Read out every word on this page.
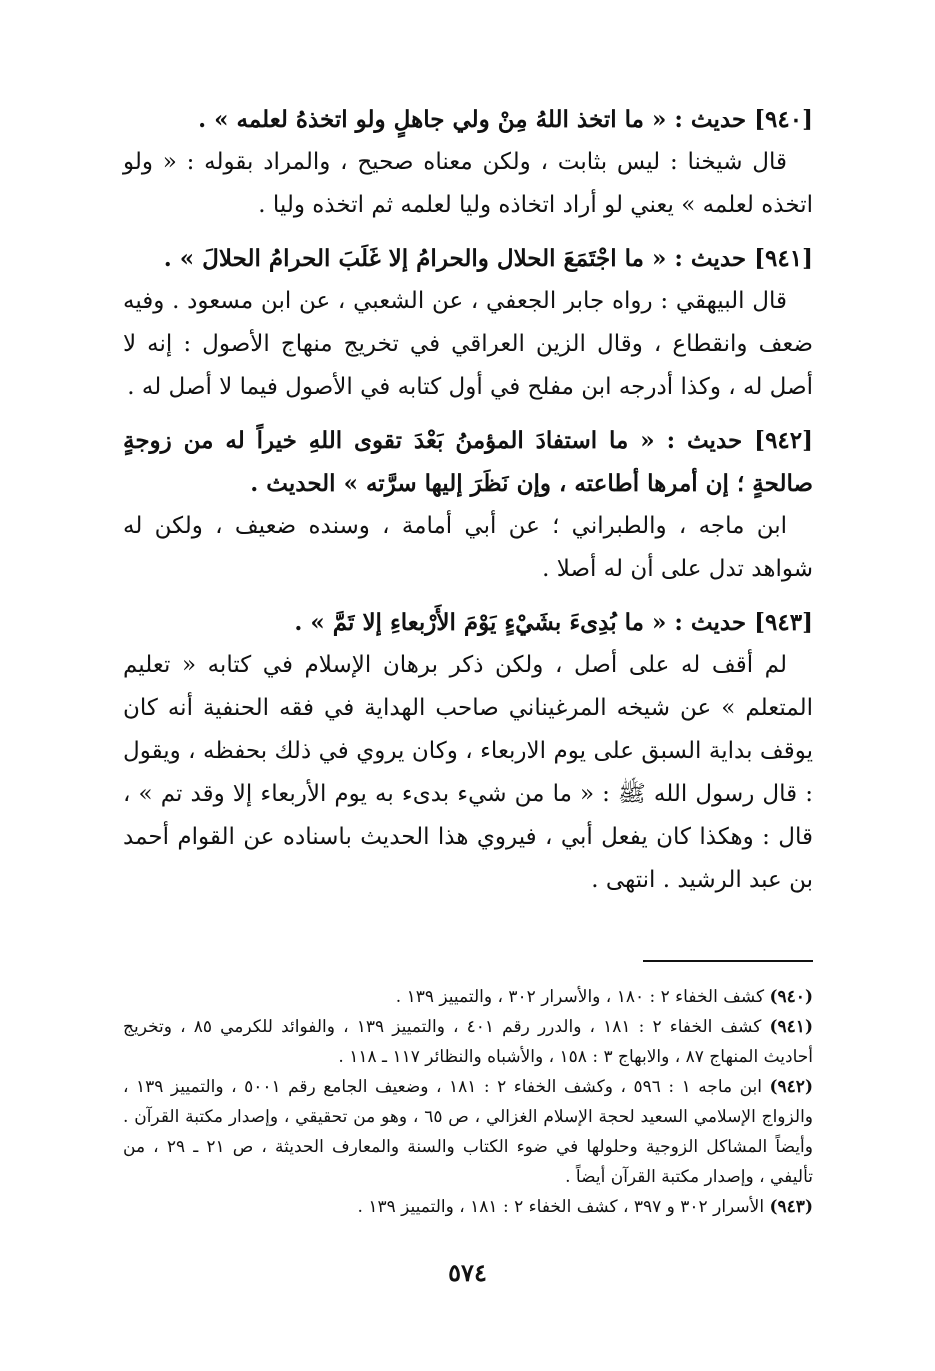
[٩٤٠] حديث : « ما اتخذ اللهُ مِنْ ولي جاهلٍ ولو اتخذهُ لعلمه » .

قال شيخنا : ليس بثابت ، ولكن معناه صحيح ، والمراد بقوله : « ولو اتخذه لعلمه » يعني لو أراد اتخاذه وليا لعلمه ثم اتخذه وليا .

[٩٤١] حديث : « ما اجْتَمَعَ الحلال والحرامُ إلا غَلَبَ الحرامُ الحلالَ » .

قال البيهقي : رواه جابر الجعفي ، عن الشعبي ، عن ابن مسعود . وفيه ضعف وانقطاع ، وقال الزين العراقي في تخريج منهاج الأصول : إنه لا أصل له ، وكذا أدرجه ابن مفلح في أول كتابه في الأصول فيما لا أصل له .

[٩٤٢] حديث : « ما استفادَ المؤمنُ بَعْدَ تقوى اللهِ خيراً له من زوجةٍ صالحةٍ ؛ إن أمرها أطاعته ، وإن نَظَرَ إليها سرَّته » الحديث .

ابن ماجه ، والطبراني ؛ عن أبي أمامة ، وسنده ضعيف ، ولكن له شواهد تدل على أن له أصلا .

[٩٤٣] حديث : « ما بُدِىءَ بشَيْءٍ يَوْمَ الأَرْبعاءِ إلا تَمَّ » .

لم أقف له على أصل ، ولكن ذكر برهان الإسلام في كتابه « تعليم المتعلم » عن شيخه المرغيناني صاحب الهداية في فقه الحنفية أنه كان يوقف بداية السبق على يوم الاربعاء ، وكان يروي في ذلك بحفظه ، ويقول : قال رسول الله ﷺ : « ما من شيء بدىء به يوم الأربعاء إلا وقد تم » ، قال : وهكذا كان يفعل أبي ، فيروي هذا الحديث باسناده عن القوام أحمد بن عبد الرشيد . انتهى .

(٩٤٠) كشف الخفاء ٢ : ١٨٠ ، والأسرار ٣٠٢ ، والتمييز ١٣٩ .

(٩٤١) كشف الخفاء ٢ : ١٨١ ، والدرر رقم ٤٠١ ، والتمييز ١٣٩ ، والفوائد للكرمي ٨٥ ، وتخريج أحاديث المنهاج ٨٧ ، والابهاج ٣ : ١٥٨ ، والأشباه والنظائر ١١٧ ـ ١١٨ .

(٩٤٢) ابن ماجه ١ : ٥٩٦ ، وكشف الخفاء ٢ : ١٨١ ، وضعيف الجامع رقم ٥٠٠١ ، والتمييز ١٣٩ ، والزواج الإسلامي السعيد لحجة الإسلام الغزالي ، ص ٦٥ ، وهو من تحقيقي ، وإصدار مكتبة القرآن . وأيضاً المشاكل الزوجية وحلولها في ضوء الكتاب والسنة والمعارف الحديثة ، ص ٢١ ـ ٢٩ ، من تأليفي ، وإصدار مكتبة القرآن أيضاً .

(٩٤٣) الأسرار ٣٠٢ و ٣٩٧ ، كشف الخفاء ٢ : ١٨١ ، والتمييز ١٣٩ .

٥٧٤
